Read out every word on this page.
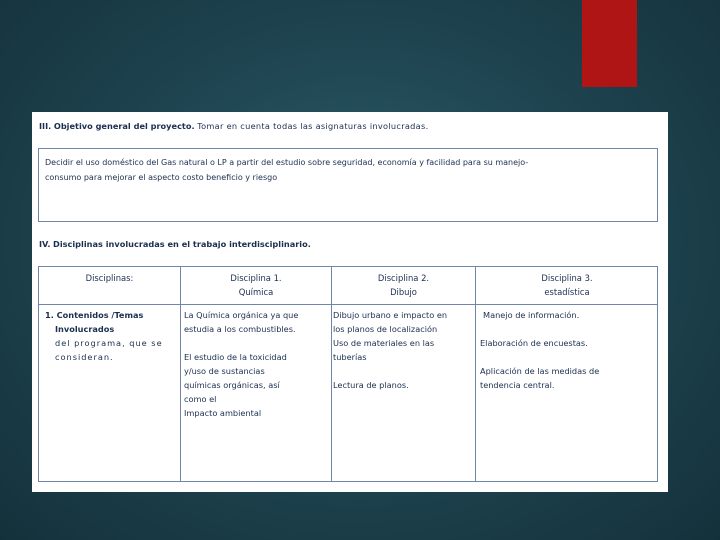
III. Objetivo general del proyecto. Tomar en cuenta todas las asignaturas involucradas.
Decidir el uso doméstico del Gas natural o LP a partir del estudio sobre seguridad, economía y facilidad para su manejo-
consumo para mejorar el aspecto costo beneficio y riesgo
IV. Disciplinas involucradas en el trabajo interdisciplinario.
Disciplinas:	Disciplina 1.
Química
Disciplina 2.
Dibujo
Disciplina 3.
estadística

1. Contenidos /Temas

Involucrados

del programa, que se

consideran.

La Química orgánica ya que

estudia a los combustibles.

El estudio de la toxicidad

y/uso de sustancias

químicas orgánicas, así

como el

Impacto ambiental

Dibujo urbano e impacto en

los planos de localización

Uso de materiales en las

tuberías

Lectura de planos.

Manejo de información.

Elaboración de encuestas.

Aplicación de las medidas de

tendencia central.
